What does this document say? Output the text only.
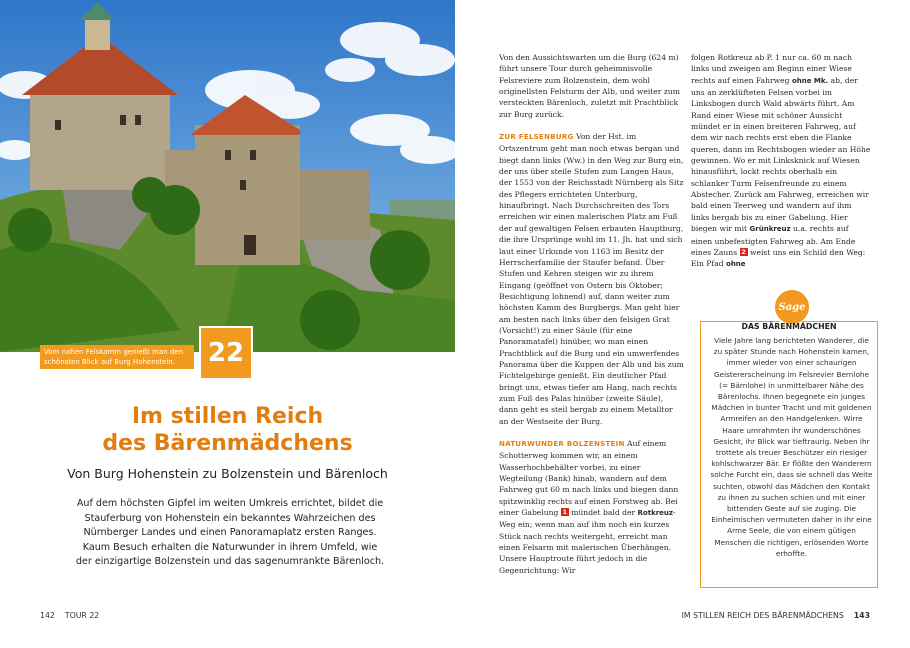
Vom nahen Felskamm genießt man den schönsten Blick auf Burg Hohenstein.	22
Im stillen Reich
des Bärenmädchens
Von Burg Hohenstein zu Bolzenstein und Bärenloch
Auf dem höchsten Gipfel im weiten Umkreis errichtet, bildet die Stauferburg von Hohenstein ein bekanntes Wahrzeichen des Nürnberger Landes und einen Panoramaplatz ersten Ranges. Kaum Besuch erhalten die Naturwunder in ihrem Umfeld, wie der einzigartige Bolzenstein und das sagenumrankte Bärenloch.
142 TOUR 22

Von den Aussichtswarten um die Burg (624 m) führt unsere Tour durch geheimnisvolle Felsreviere zum Bolzenstein, dem wohl originellsten Felsturm der Alb, und weiter zum versteckten Bärenloch, zuletzt mit Prachtblick zur Burg zurück.

ZUR FELSENBURG Von der Hst. im Ortszentrum geht man noch etwas bergan und biegt dann links (Ww.) in den Weg zur Burg ein, der uns über steile Stufen zum Langen Haus, der 1553 von der Reichsstadt Nürnberg als Sitz des Pflegers errichteten Unterburg, hinaufbringt. Nach Durchschreiten des Tors erreichen wir einen malerischen Platz am Fuß der auf gewaltigen Felsen erbauten Hauptburg, die ihre Ursprünge wohl im 11. Jh. hat und sich laut einer Urkunde von 1163 im Besitz der Herrscherfamilie der Staufer befand. Über Stufen und Kehren steigen wir zu ihrem Eingang (geöffnet von Ostern bis Oktober; Besichtigung lohnend) auf, dann weiter zum höchsten Kamm des Burgbergs. Man geht hier am besten nach links über den felsigen Grat (Vorsicht!) zu einer Säule (für eine Panoramatafel) hinüber, wo man einen Prachtblick auf die Burg und ein umwerfendes Panorama über die Kuppen der Alb und bis zum Fichtelgebirge genießt. Ein deutlicher Pfad bringt uns, etwas tiefer am Hang, nach rechts zum Fuß des Palas hinüber (zweite Säule), dann geht es steil bergab zu einem Metalltor an der Westseite der Burg.

NATURWUNDER BOLZENSTEIN Auf einem Schotterweg kommen wir, an einem Wasserhochbehälter vorbei, zu einer Wegteilung (Bank) hinab, wandern auf dem Fahrweg gut 60 m nach links und biegen dann spitzwinklig rechts auf einen Forstweg ab. Bei einer Gabelung 1 mündet bald der Rotkreuz-Weg ein; wenn man auf ihm noch ein kurzes Stück nach rechts weitergeht, erreicht man einen Felsarm mit malerischen Überhängen. Unsere Hauptroute führt jedoch in die Gegenrichtung: Wir

folgen Rotkreuz ab P. 1 nur ca. 60 m nach links und zweigen am Beginn einer Wiese rechts auf einen Fahrweg ohne Mk. ab, der uns an zerklüfteten Felsen vorbei im Linksbogen durch Wald abwärts führt. Am Rand einer Wiese mit schöner Aussicht mündet er in einen breiteren Fahrweg, auf dem wir nach rechts erst eben die Flanke queren, dann im Rechtsbogen wieder an Höhe gewinnen. Wo er mit Linksknick auf Wiesen hinausführt, lockt rechts oberhalb ein schlanker Turm Felsenfreunde zu einem Abstecher. Zurück am Fahrweg, erreichen wir bald einen Teerweg und wandern auf ihm links bergab bis zu einer Gabelung. Hier biegen wir mit Grünkreuz u.a. rechts auf einen unbefestigten Fahrweg ab. Am Ende eines Zauns 2 weist uns ein Schild den Weg: Ein Pfad ohne

Sage
DAS BÄRENMÄDCHEN
Viele Jahre lang berichteten Wanderer, die zu später Stunde nach Hohenstein kamen, immer wieder von einer schaurigen Geistererscheinung im Felsrevier Bernlohe (= Bärnlohe) in unmittelbarer Nähe des Bärenlochs. Ihnen begegnete ein junges Mädchen in bunter Tracht und mit goldenen Armreifen an den Handgelenken. Wirre Haare umrahmten ihr wunderschönes Gesicht, ihr Blick war tieftraurig. Neben ihr trottete als treuer Beschützer ein riesiger kohlschwarzer Bär. Er flößte den Wanderern solche Furcht ein, dass sie schnell das Weite suchten, obwohl das Mädchen den Kontakt zu ihnen zu suchen schien und mit einer bittenden Geste auf sie zuging. Die Einheimischen vermuteten daher in ihr eine Arme Seele, die von einem gütigen Menschen die richtigen, erlösenden Worte erhoffte.
IM STILLEN REICH DES BÄRENMÄDCHENS 143
